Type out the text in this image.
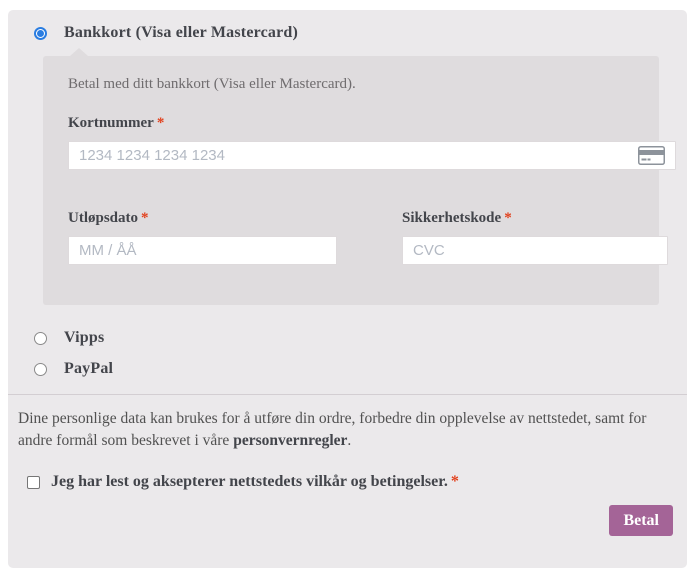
Bankkort (Visa eller Mastercard)
Betal med ditt bankkort (Visa eller Mastercard).
Kortnummer *
1234 1234 1234 1234
Utløpsdato *
MM / ÅÅ	Sikkerhetskode *
CVC
Vipps
PayPal
Dine personlige data kan brukes for å utføre din ordre, forbedre din opplevelse av nettstedet, samt for andre formål som beskrevet i våre personvernregler.
Jeg har lest og aksepterer nettstedets vilkår og betingelser. *
Betal
